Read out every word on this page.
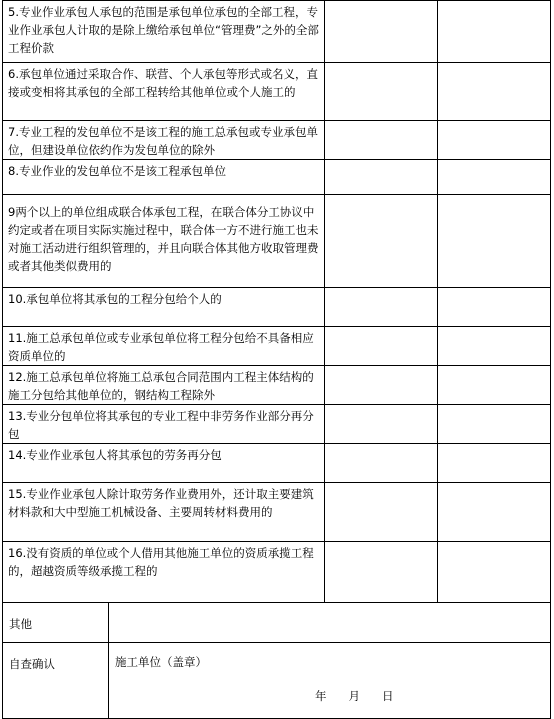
5.专业作业承包人承包的范围是承包单位承包的全部工程，专业作业承包人计取的是除上缴给承包单位“管理费”之外的全部工程价款			
6.承包单位通过采取合作、联营、个人承包等形式或名义，直接或变相将其承包的全部工程转给其他单位或个人施工的			
7.专业工程的发包单位不是该工程的施工总承包或专业承包单位，但建设单位依约作为发包单位的除外			
8.专业作业的发包单位不是该工程承包单位			
9两个以上的单位组成联合体承包工程，在联合体分工协议中约定或者在项目实际实施过程中，联合体一方不进行施工也未对施工活动进行组织管理的，并且向联合体其他方收取管理费或者其他类似费用的			
10.承包单位将其承包的工程分包给个人的			
11.施工总承包单位或专业承包单位将工程分包给不具备相应资质单位的			
12.施工总承包单位将施工总承包合同范围内工程主体结构的施工分包给其他单位的，钢结构工程除外			
13.专业分包单位将其承包的专业工程中非劳务作业部分再分包			
14.专业作业承包人将其承包的劳务再分包			
15.专业作业承包人除计取劳务作业费用外，还计取主要建筑材料款和大中型施工机械设备、主要周转材料费用的			
16.没有资质的单位或个人借用其他施工单位的资质承揽工程的，超越资质等级承揽工程的			
其他			
自查确认	施工单位（盖章）
年 月 日		
